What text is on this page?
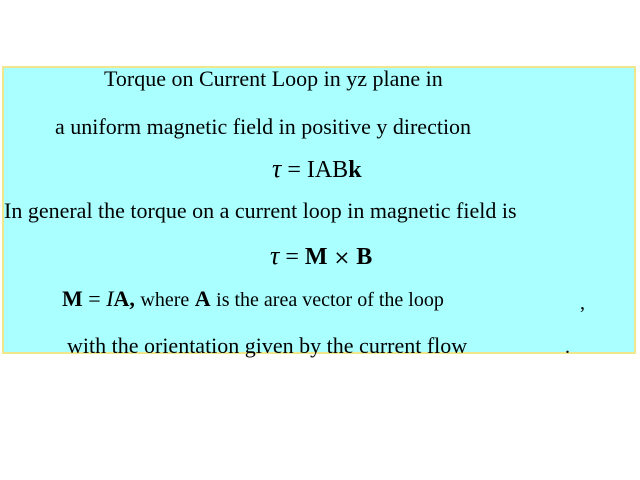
Torque on Current Loop in yz plane in
a uniform magnetic field in positive y direction
τ = IABk
In general the torque on a current loop in magnetic field is
τ = M × B
M = IA, where A is the area vector of the loop	,
with the orientation given by the current flow	.
